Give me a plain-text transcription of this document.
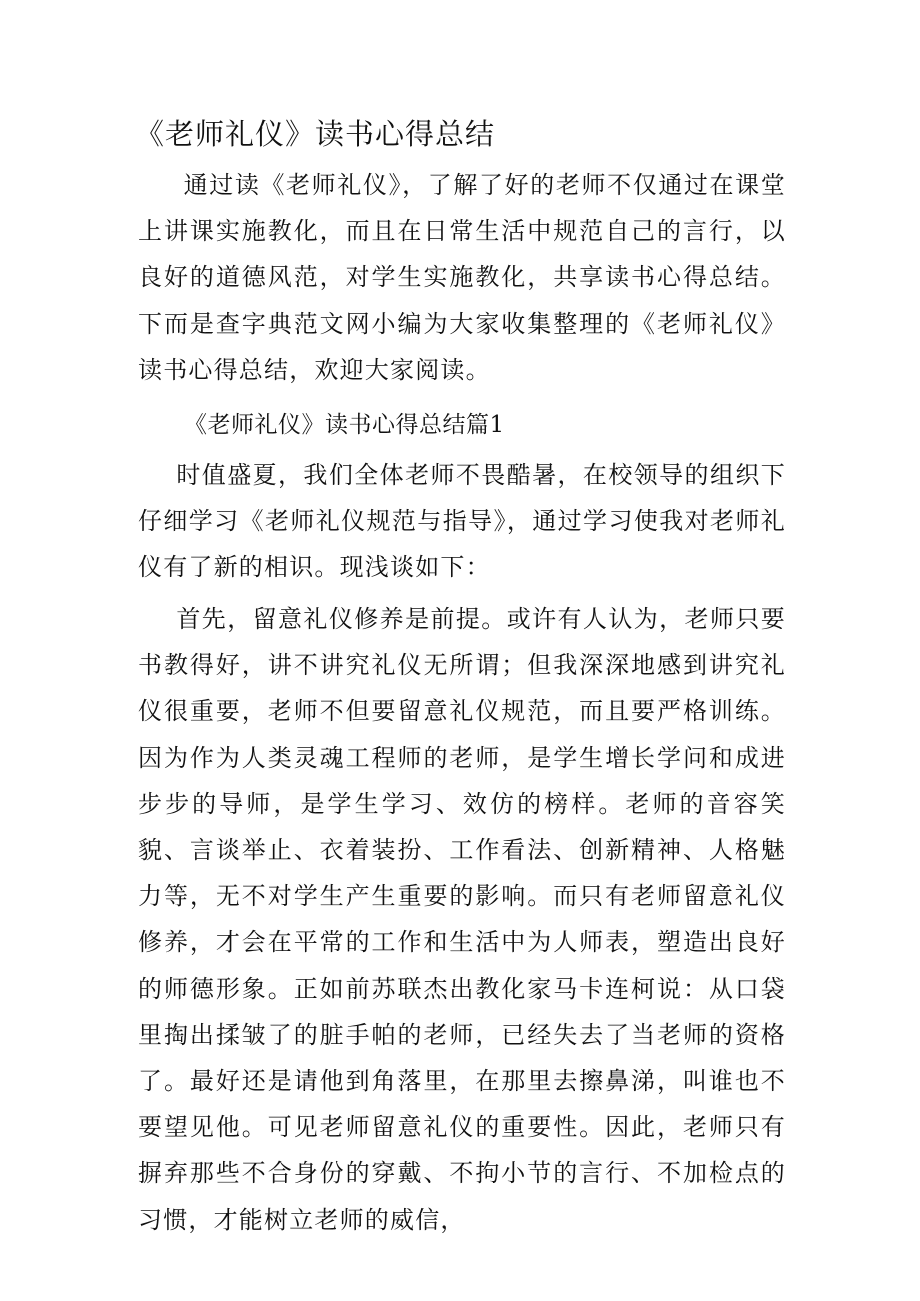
《老师礼仪》读书心得总结

通过读《老师礼仪》，了解了好的老师不仅通过在课堂上讲课实施教化，而且在日常生活中规范自己的言行，以良好的道德风范，对学生实施教化，共享读书心得总结。下而是查字典范文网小编为大家收集整理的《老师礼仪》读书心得总结，欢迎大家阅读。

《老师礼仪》读书心得总结篇1

时值盛夏，我们全体老师不畏酷暑，在校领导的组织下仔细学习《老师礼仪规范与指导》，通过学习使我对老师礼仪有了新的相识。现浅谈如下：

首先，留意礼仪修养是前提。或许有人认为，老师只要书教得好，讲不讲究礼仪无所谓；但我深深地感到讲究礼仪很重要，老师不但要留意礼仪规范，而且要严格训练。因为作为人类灵魂工程师的老师，是学生增长学问和成进步步的导师，是学生学习、效仿的榜样。老师的音容笑貌、言谈举止、衣着装扮、工作看法、创新精神、人格魅力等，无不对学生产生重要的影响。而只有老师留意礼仪修养，才会在平常的工作和生活中为人师表，塑造出良好的师德形象。正如前苏联杰出教化家马卡连柯说：从口袋里掏出揉皱了的脏手帕的老师，已经失去了当老师的资格了。最好还是请他到角落里，在那里去擦鼻涕，叫谁也不要望见他。可见老师留意礼仪的重要性。因此，老师只有摒弃那些不合身份的穿戴、不拘小节的言行、不加检点的习惯，才能树立老师的威信，
